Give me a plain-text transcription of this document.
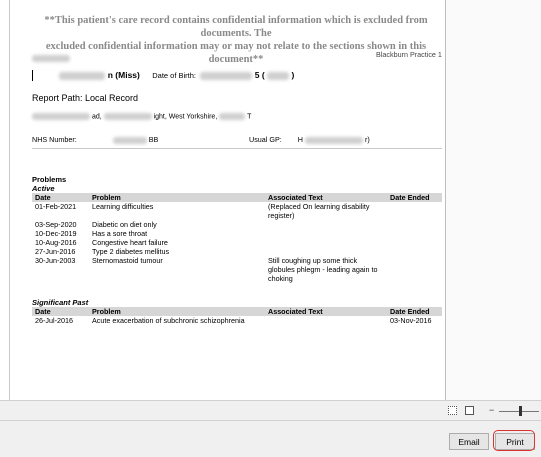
**This patient's care record contains confidential information which is excluded from documents. The
excluded confidential information may or may not relate to the sections shown in this document**	Blackburn Practice 1
n (Miss) Date of Birth:	5 (	)
Report Path: Local Record
ad,	ight, West Yorkshire,	T
NHS Number:	BB	Usual GP: H	r)
Problems
Active
Date	Problem	Associated Text	Date Ended
01-Feb-2021	Learning difficulties	(Replaced On learning disability register)	
03-Sep-2020	Diabetic on diet only		
10-Dec-2019	Has a sore throat		
10-Aug-2016	Congestive heart failure		
27-Jun-2016	Type 2 diabetes mellitus		
30-Jun-2003	Sternomastoid tumour	Still coughing up some thick globules phlegm - leading again to choking	
Significant Past
Date	Problem	Associated Text	Date Ended
26-Jul-2016	Acute exacerbation of subchronic schizophrenia		03-Nov-2016
−
Email	Print
